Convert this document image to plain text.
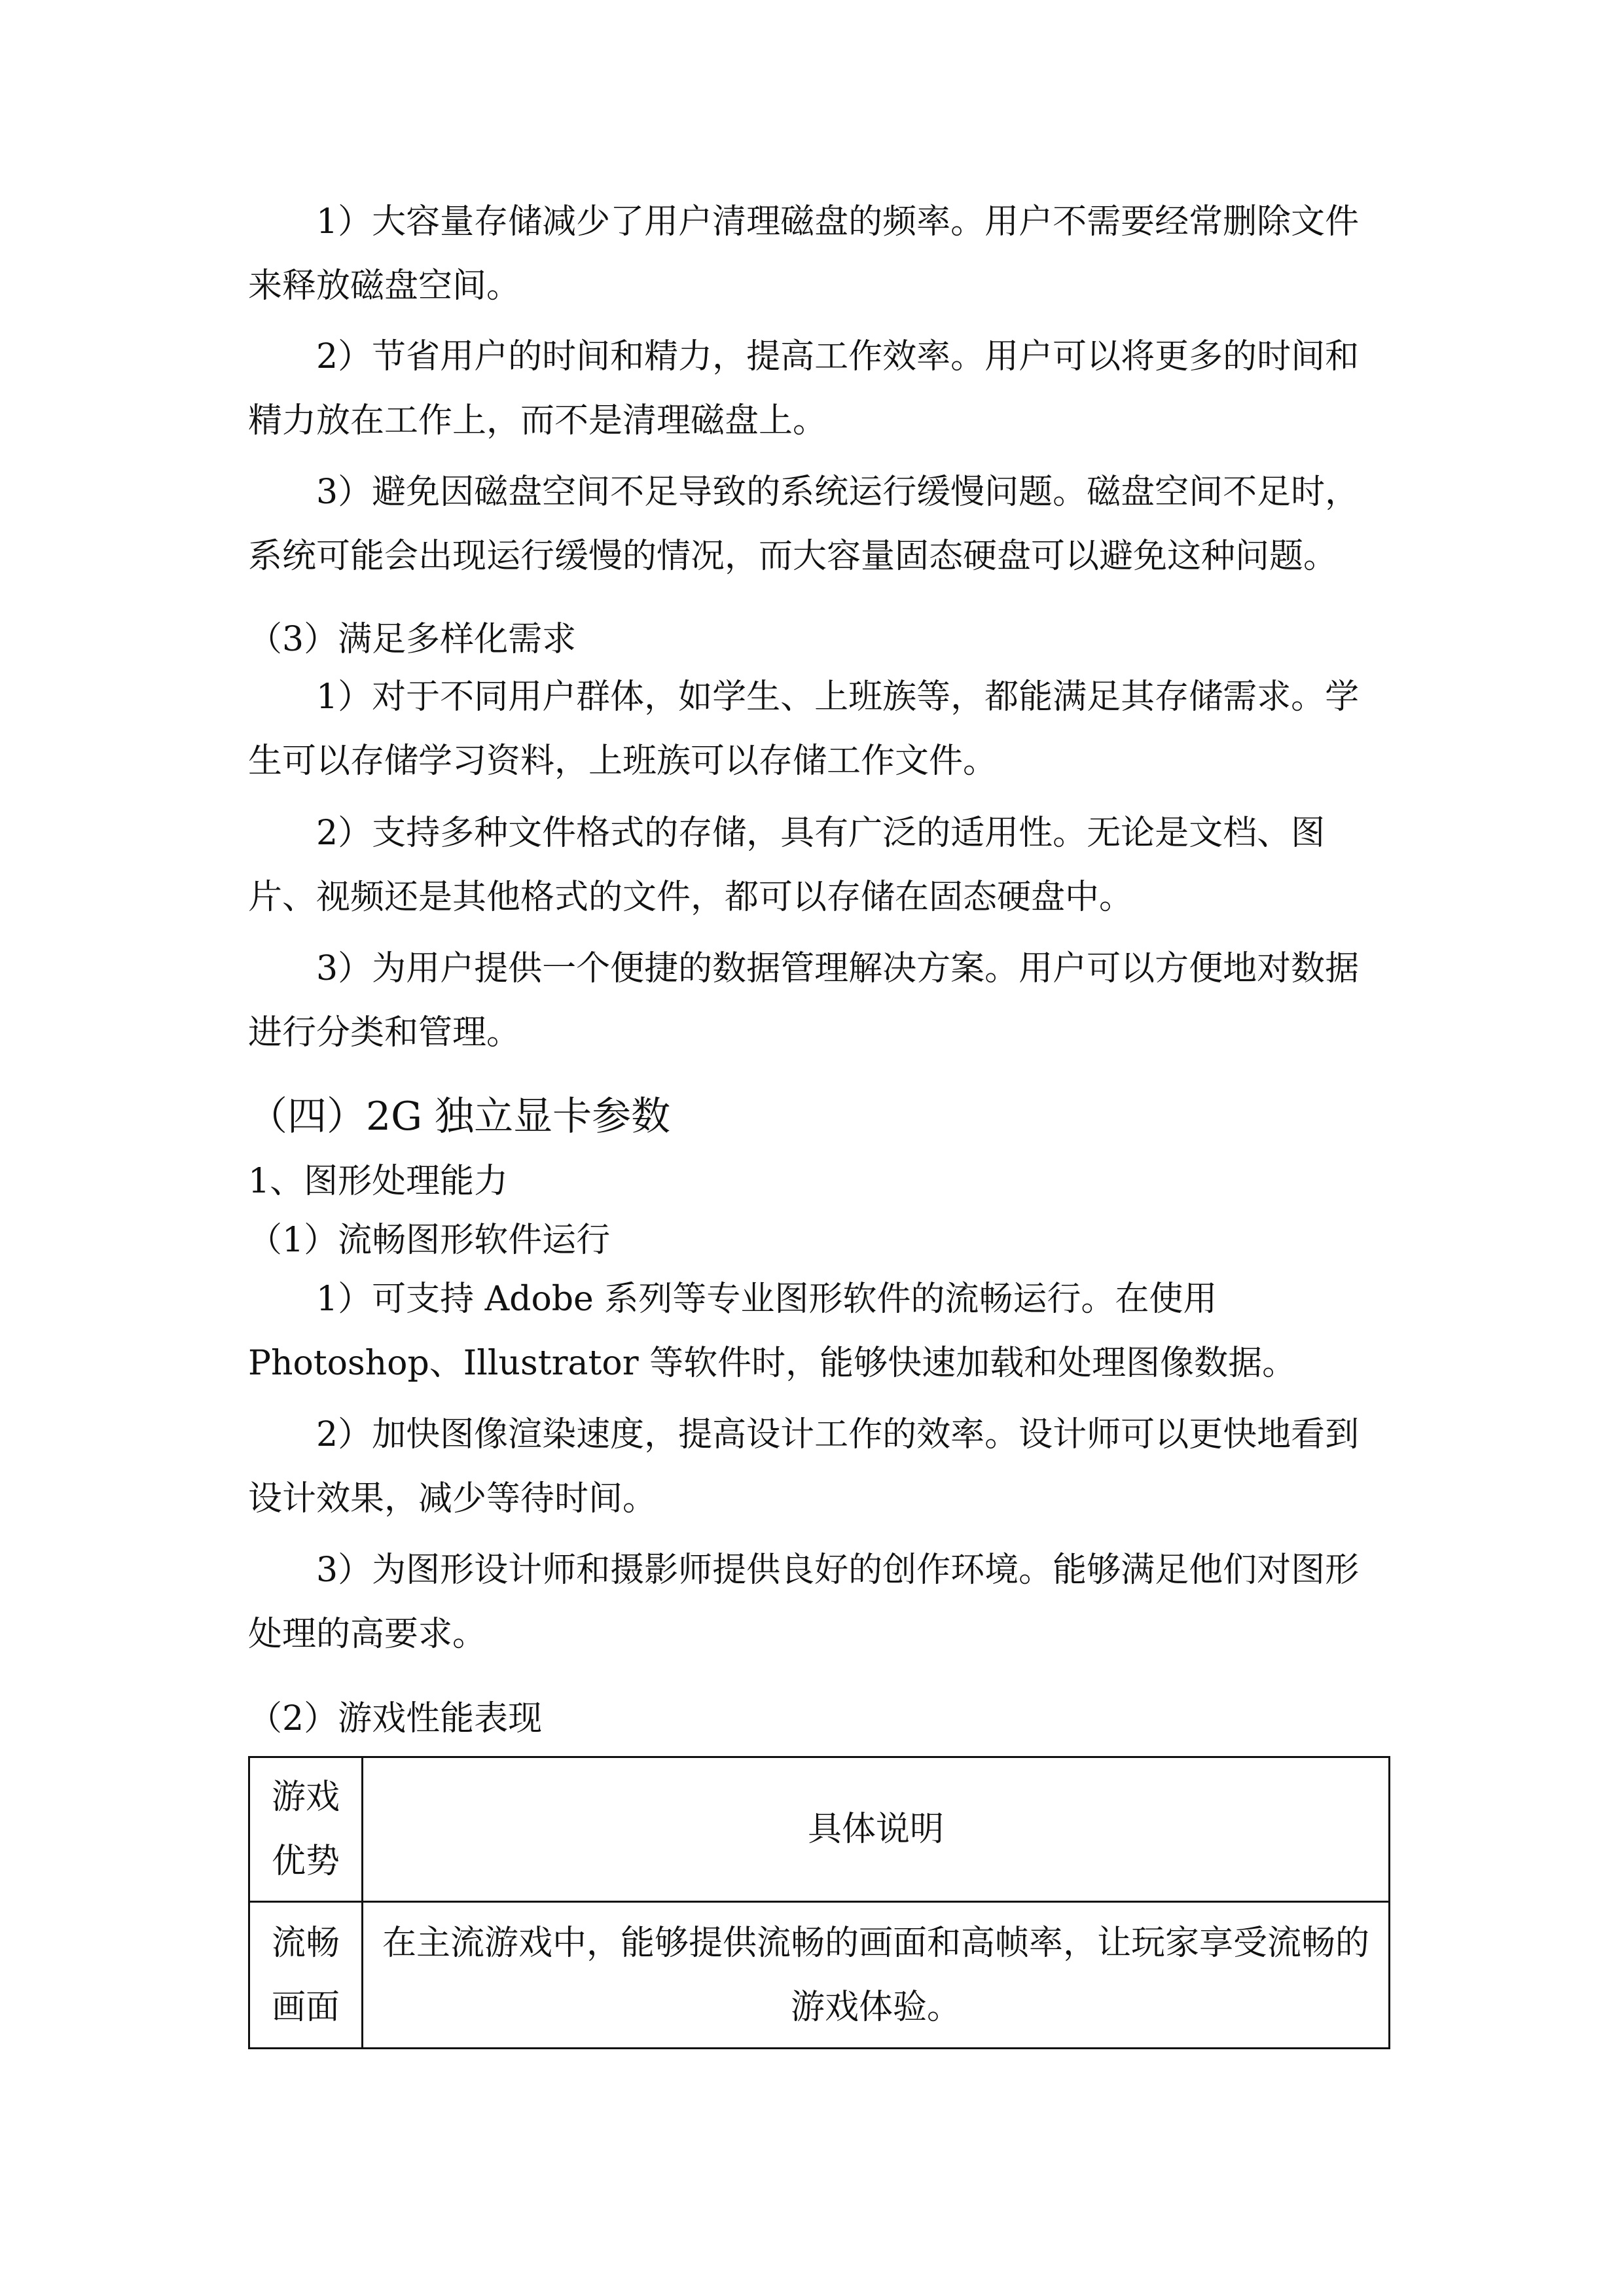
1）大容量存储减少了用户清理磁盘的频率。用户不需要经常删除文件来释放磁盘空间。

2）节省用户的时间和精力，提高工作效率。用户可以将更多的时间和精力放在工作上，而不是清理磁盘上。

3）避免因磁盘空间不足导致的系统运行缓慢问题。磁盘空间不足时，系统可能会出现运行缓慢的情况，而大容量固态硬盘可以避免这种问题。

（3）满足多样化需求

1）对于不同用户群体，如学生、上班族等，都能满足其存储需求。学生可以存储学习资料，上班族可以存储工作文件。

2）支持多种文件格式的存储，具有广泛的适用性。无论是文档、图片、视频还是其他格式的文件，都可以存储在固态硬盘中。

3）为用户提供一个便捷的数据管理解决方案。用户可以方便地对数据进行分类和管理。

（四）2G 独立显卡参数

1、图形处理能力

（1）流畅图形软件运行

1）可支持 Adobe 系列等专业图形软件的流畅运行。在使用 Photoshop、Illustrator 等软件时，能够快速加载和处理图像数据。

2）加快图像渲染速度，提高设计工作的效率。设计师可以更快地看到设计效果，减少等待时间。

3）为图形设计师和摄影师提供良好的创作环境。能够满足他们对图形处理的高要求。

（2）游戏性能表现

游戏优势	具体说明
流畅画面	在主流游戏中，能够提供流畅的画面和高帧率，让玩家享受流畅的游戏体验。
